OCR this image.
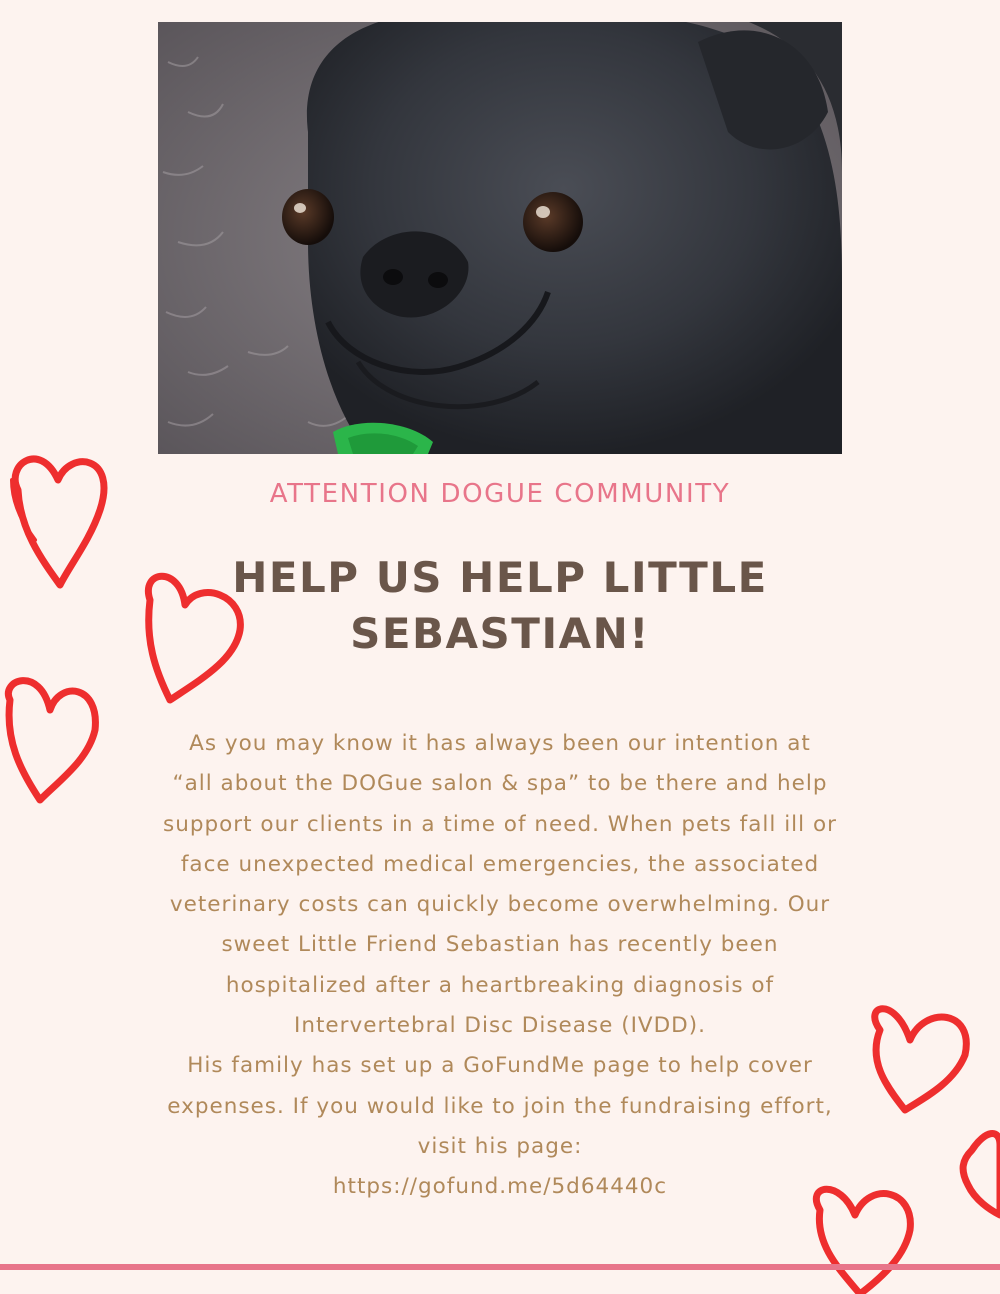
ATTENTION DOGUE COMMUNITY
HELP US HELP LITTLE
SEBASTIAN!
As you may know it has always been our intention at
“all about the DOGue salon & spa” to be there and help
support our clients in a time of need. When pets fall ill or
face unexpected medical emergencies, the associated
veterinary costs can quickly become overwhelming. Our
sweet Little Friend Sebastian has recently been
hospitalized after a heartbreaking diagnosis of
Intervertebral Disc Disease (IVDD).
His family has set up a GoFundMe page to help cover
expenses. If you would like to join the fundraising effort,
visit his page:
https://gofund.me/5d64440c
